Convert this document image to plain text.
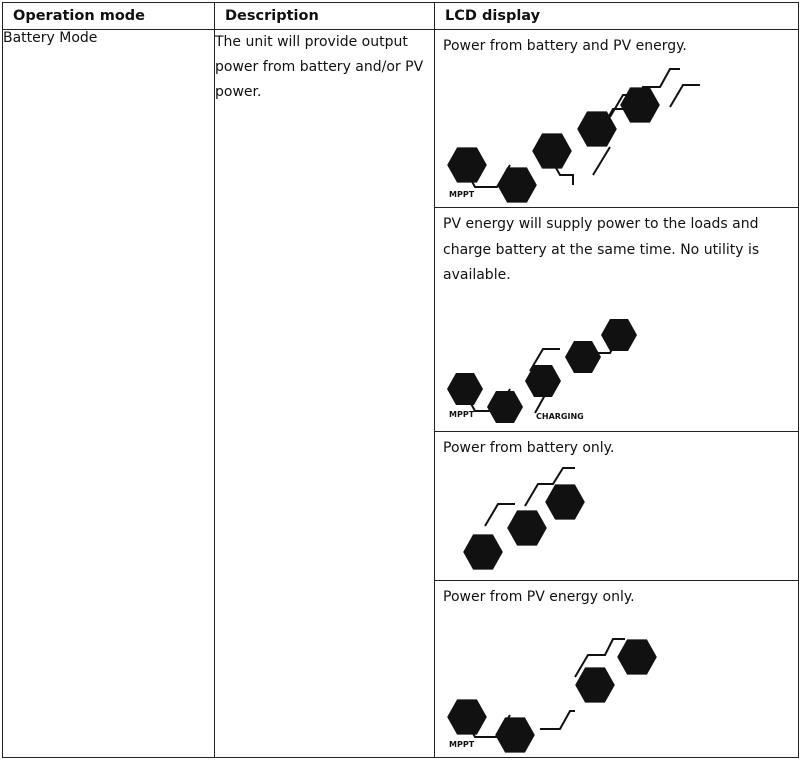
Operation mode	Description	LCD display
Battery Mode	The unit will provide output power from battery and/or PV power.	Power from battery and PV energy.
MPPT

		PV energy will supply power to the loads and charge battery at the same time. No utility is available.
MPPT CHARGING

		Power from battery only.

		Power from PV energy only.
MPPT
